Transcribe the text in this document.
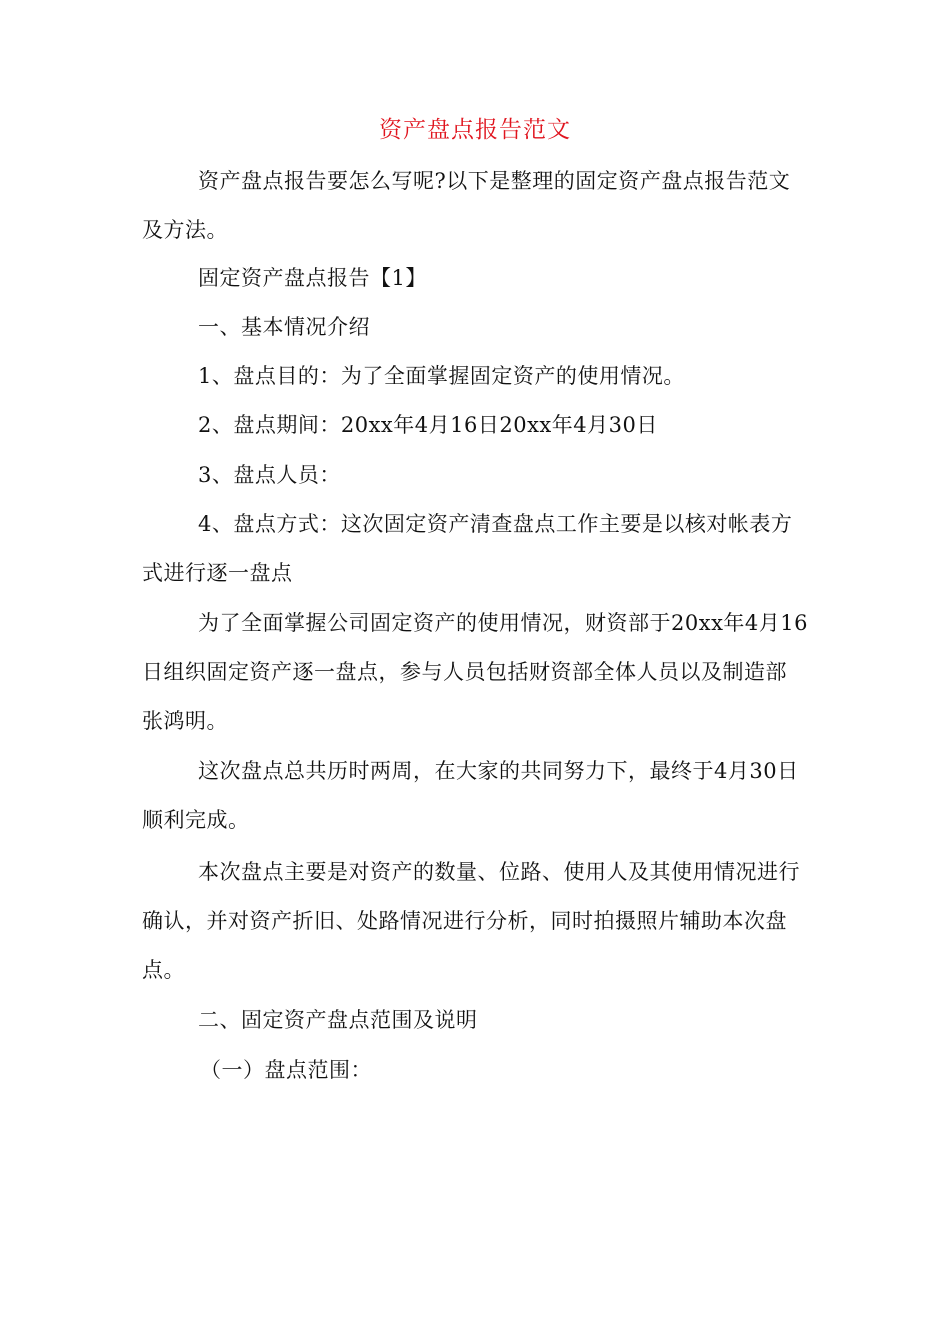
资产盘点报告范文

资产盘点报告要怎么写呢?以下是整理的固定资产盘点报告范文及方法。

固定资产盘点报告【1】

一、基本情况介绍

1、盘点目的：为了全面掌握固定资产的使用情况。

2、盘点期间：20xx年4月16日20xx年4月30日

3、盘点人员：

4、盘点方式：这次固定资产清查盘点工作主要是以核对帐表方式进行逐一盘点

为了全面掌握公司固定资产的使用情况，财资部于20xx年4月16日组织固定资产逐一盘点，参与人员包括财资部全体人员以及制造部张鸿明。

这次盘点总共历时两周，在大家的共同努力下，最终于4月30日顺利完成。

本次盘点主要是对资产的数量、位路、使用人及其使用情况进行确认，并对资产折旧、处路情况进行分析，同时拍摄照片辅助本次盘点。

二、固定资产盘点范围及说明

（一）盘点范围：
